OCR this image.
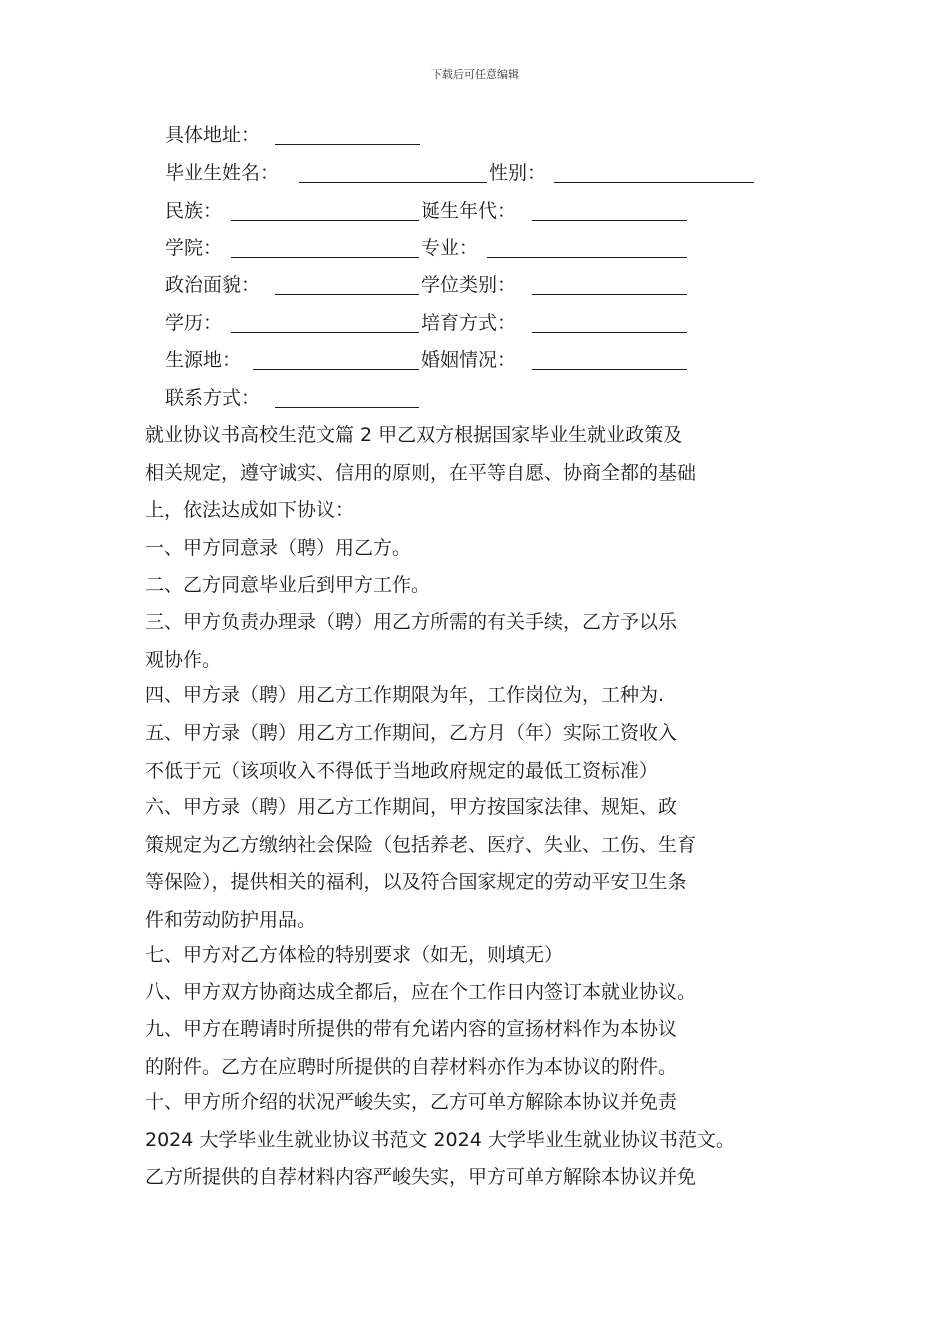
下载后可任意编辑
具体地址：
毕业生姓名：	性别：
民族：	诞生年代：
学院：	专业：
政治面貌：	学位类别：
学历：	培育方式：
生源地：	婚姻情况：
联系方式：
就业协议书高校生范文篇 2 甲乙双方根据国家毕业生就业政策及
相关规定，遵守诚实、信用的原则，在平等自愿、协商全都的基础
上，依法达成如下协议：
一、甲方同意录（聘）用乙方。
二、乙方同意毕业后到甲方工作。
三、甲方负责办理录（聘）用乙方所需的有关手续，乙方予以乐
观协作。
四、甲方录（聘）用乙方工作期限为年，工作岗位为，工种为.
五、甲方录（聘）用乙方工作期间，乙方月（年）实际工资收入
不低于元（该项收入不得低于当地政府规定的最低工资标准）
六、甲方录（聘）用乙方工作期间，甲方按国家法律、规矩、政
策规定为乙方缴纳社会保险（包括养老、医疗、失业、工伤、生育
等保险），提供相关的福利，以及符合国家规定的劳动平安卫生条
件和劳动防护用品。
七、甲方对乙方体检的特别要求（如无，则填无）
八、甲方双方协商达成全都后，应在个工作日内签订本就业协议。
九、甲方在聘请时所提供的带有允诺内容的宣扬材料作为本协议
的附件。乙方在应聘时所提供的自荐材料亦作为本协议的附件。
十、甲方所介绍的状况严峻失实，乙方可单方解除本协议并免责
2024 大学毕业生就业协议书范文 2024 大学毕业生就业协议书范文。
乙方所提供的自荐材料内容严峻失实，甲方可单方解除本协议并免
